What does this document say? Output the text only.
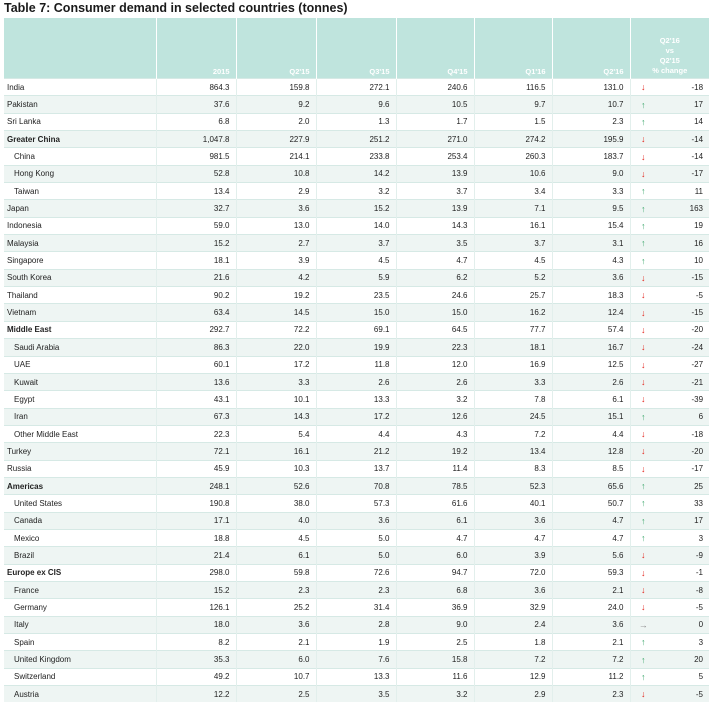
Table 7: Consumer demand in selected countries (tonnes)
	2015	Q2'15	Q3'15	Q4'15	Q1'16	Q2'16	Q2'16
vs
Q2'15
% change	

India	864.3	159.8	272.1	240.6	116.5	131.0	↓	-18
Pakistan	37.6	9.2	9.6	10.5	9.7	10.7	↑	17
Sri Lanka	6.8	2.0	1.3	1.7	1.5	2.3	↑	14
Greater China	1,047.8	227.9	251.2	271.0	274.2	195.9	↓	-14
China	981.5	214.1	233.8	253.4	260.3	183.7	↓	-14
Hong Kong	52.8	10.8	14.2	13.9	10.6	9.0	↓	-17
Taiwan	13.4	2.9	3.2	3.7	3.4	3.3	↑	11
Japan	32.7	3.6	15.2	13.9	7.1	9.5	↑	163
Indonesia	59.0	13.0	14.0	14.3	16.1	15.4	↑	19
Malaysia	15.2	2.7	3.7	3.5	3.7	3.1	↑	16
Singapore	18.1	3.9	4.5	4.7	4.5	4.3	↑	10
South Korea	21.6	4.2	5.9	6.2	5.2	3.6	↓	-15
Thailand	90.2	19.2	23.5	24.6	25.7	18.3	↓	-5
Vietnam	63.4	14.5	15.0	15.0	16.2	12.4	↓	-15
Middle East	292.7	72.2	69.1	64.5	77.7	57.4	↓	-20
Saudi Arabia	86.3	22.0	19.9	22.3	18.1	16.7	↓	-24
UAE	60.1	17.2	11.8	12.0	16.9	12.5	↓	-27
Kuwait	13.6	3.3	2.6	2.6	3.3	2.6	↓	-21
Egypt	43.1	10.1	13.3	3.2	7.8	6.1	↓	-39
Iran	67.3	14.3	17.2	12.6	24.5	15.1	↑	6
Other Middle East	22.3	5.4	4.4	4.3	7.2	4.4	↓	-18
Turkey	72.1	16.1	21.2	19.2	13.4	12.8	↓	-20
Russia	45.9	10.3	13.7	11.4	8.3	8.5	↓	-17
Americas	248.1	52.6	70.8	78.5	52.3	65.6	↑	25
United States	190.8	38.0	57.3	61.6	40.1	50.7	↑	33
Canada	17.1	4.0	3.6	6.1	3.6	4.7	↑	17
Mexico	18.8	4.5	5.0	4.7	4.7	4.7	↑	3
Brazil	21.4	6.1	5.0	6.0	3.9	5.6	↓	-9
Europe ex CIS	298.0	59.8	72.6	94.7	72.0	59.3	↓	-1
France	15.2	2.3	2.3	6.8	3.6	2.1	↓	-8
Germany	126.1	25.2	31.4	36.9	32.9	24.0	↓	-5
Italy	18.0	3.6	2.8	9.0	2.4	3.6	→	0
Spain	8.2	2.1	1.9	2.5	1.8	2.1	↑	3
United Kingdom	35.3	6.0	7.6	15.8	7.2	7.2	↑	20
Switzerland	49.2	10.7	13.3	11.6	12.9	11.2	↑	5
Austria	12.2	2.5	3.5	3.2	2.9	2.3	↓	-5
